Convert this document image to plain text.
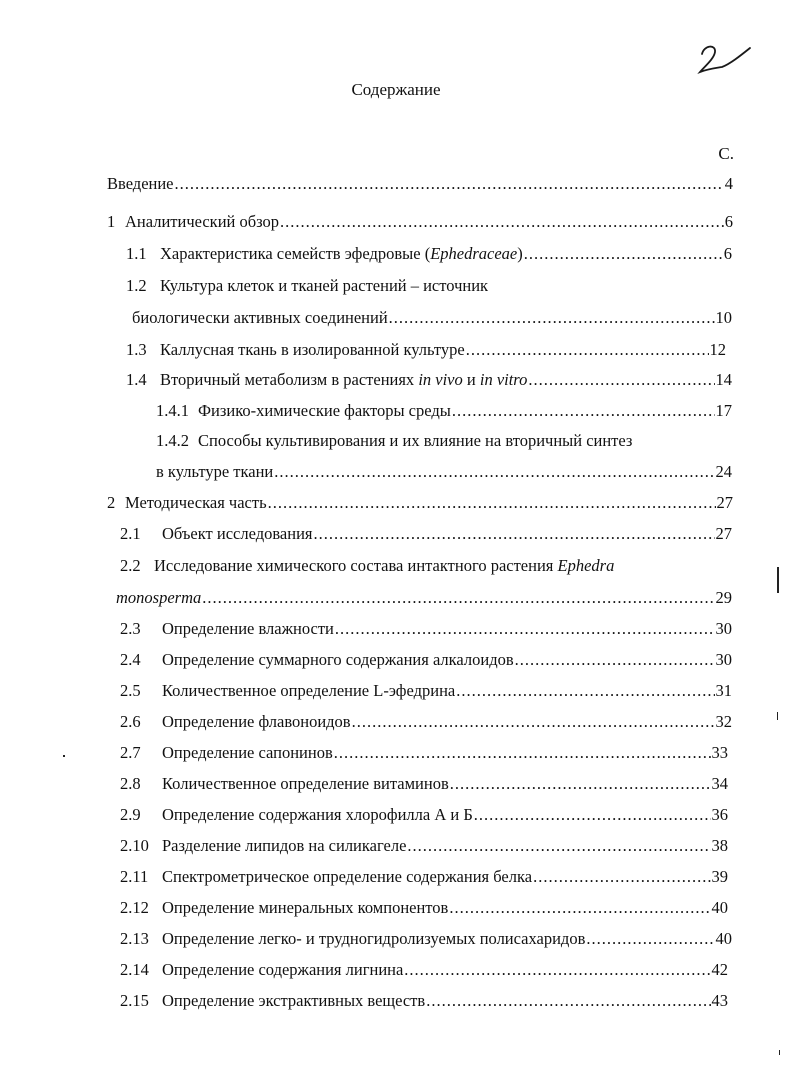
Содержание
С.
Введение .....	4
1 Аналитический обзор .....	6
1.1 Характеристика семейств эфедровые (Ephedraceae) .....	6
1.2 Культура клеток и тканей растений – источник
биологически активных соединений .....	10
1.3 Каллусная ткань в изолированной культуре .....	12
1.4 Вторичный метаболизм в растениях in vivo и in vitro .....	14
1.4.1 Физико-химические факторы среды .....	17
1.4.2 Способы культивирования и их влияние на вторичный синтез
в культуре ткани .....	24
2 Методическая часть .....	27
2.1	Объект исследования .....	27
2.2 Исследование химического состава интактного растения Ephedra
monosperma .....	29
2.3	Определение влажности .....	30
2.4	Определение суммарного содержания алкалоидов .....	30
2.5	Количественное определение L-эфедрина .....	31
2.6	Определение флавоноидов .....	32
2.7	Определение сапонинов .....	33
2.8	Количественное определение витаминов .....	34
2.9	Определение содержания хлорофилла А и Б .....	36
2.10 Разделение липидов на силикагеле .....	38
2.11 Спектрометрическое определение содержания белка .....	39
2.12 Определение минеральных компонентов .....	40
2.13 Определение легко- и трудногидролизуемых полисахаридов .....	40
2.14 Определение содержания лигнина .....	42
2.15 Определение экстрактивных веществ .....	43
